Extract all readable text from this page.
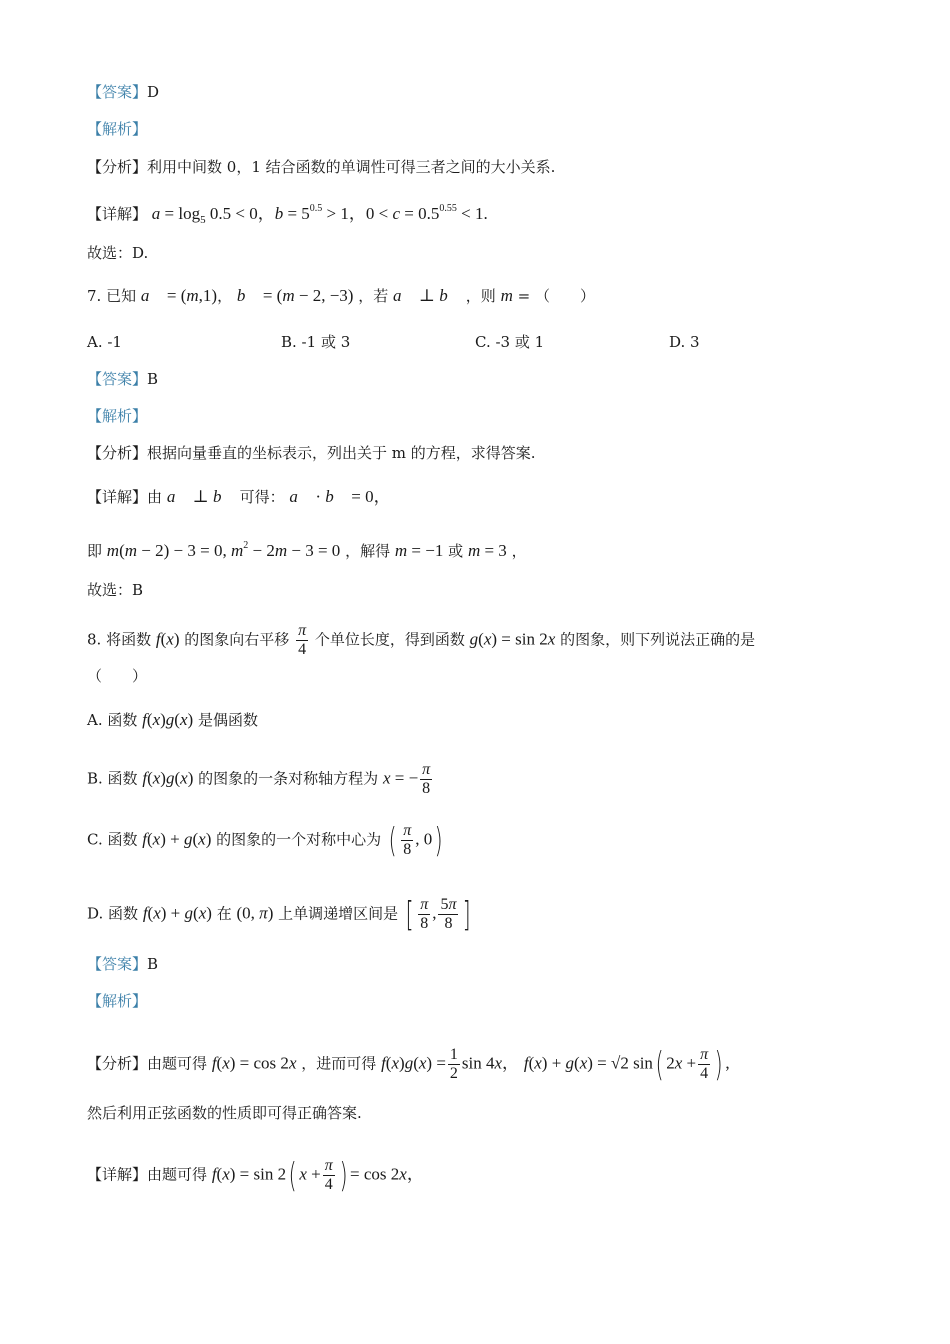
【答案】D
【解析】
【分析】利用中间数 0，1 结合函数的单调性可得三者之间的大小关系.
【详解】 $a = \log_5 0.5 < 0$，$b = 5^{0.5} > 1$，$0 < c = 0.5^{0.55} < 1$.
故选：D.
7. 已知 a⃗ = (m,1)， b⃗ = (m − 2, −3) ，若 a⃗ ⊥ b⃗ ，则 m = （　　）
A. -1	B. -1 或 3	C. -3 或 1	D. 3
【答案】B
【解析】
【分析】根据向量垂直的坐标表示，列出关于 m 的方程，求得答案.
【详解】由 a⃗ ⊥ b⃗ 可得： a⃗ · b⃗ = 0，
即 m(m − 2) − 3 = 0, $m^2 - 2m - 3 = 0$ ，解得 m = −1 或 m = 3 ，
故选：B
8. 将函数 f(x) 的图象向右平移 $\frac{\pi}{4}$ 个单位长度，得到函数 g(x) = sin 2x 的图象，则下列说法正确的是
（　　）
A. 函数 f(x)g(x) 是偶函数
B. 函数 f(x)g(x) 的图象的一条对称轴方程为 x = − $\frac{\pi}{8}$
C. 函数 f(x) + g(x) 的图象的一个对称中心为 ( $\frac{\pi}{8}$ , 0)
D. 函数 f(x) + g(x) 在 (0, π) 上单调递增区间是 [ $\frac{\pi}{8}$ , $\frac{5\pi}{8}$ ]
【答案】B
【解析】
【分析】由题可得 f(x) = cos 2x ，进而可得 $f(x)g(x) = \frac{1}{2}$ sin 4x， f(x) + g(x) = √2 sin( $2x + \frac{\pi}{4}$ ) ,
然后利用正弦函数的性质即可得正确答案.
【详解】由题可得 f(x) = sin 2( $x + \frac{\pi}{4}$ ) = cos 2x，
